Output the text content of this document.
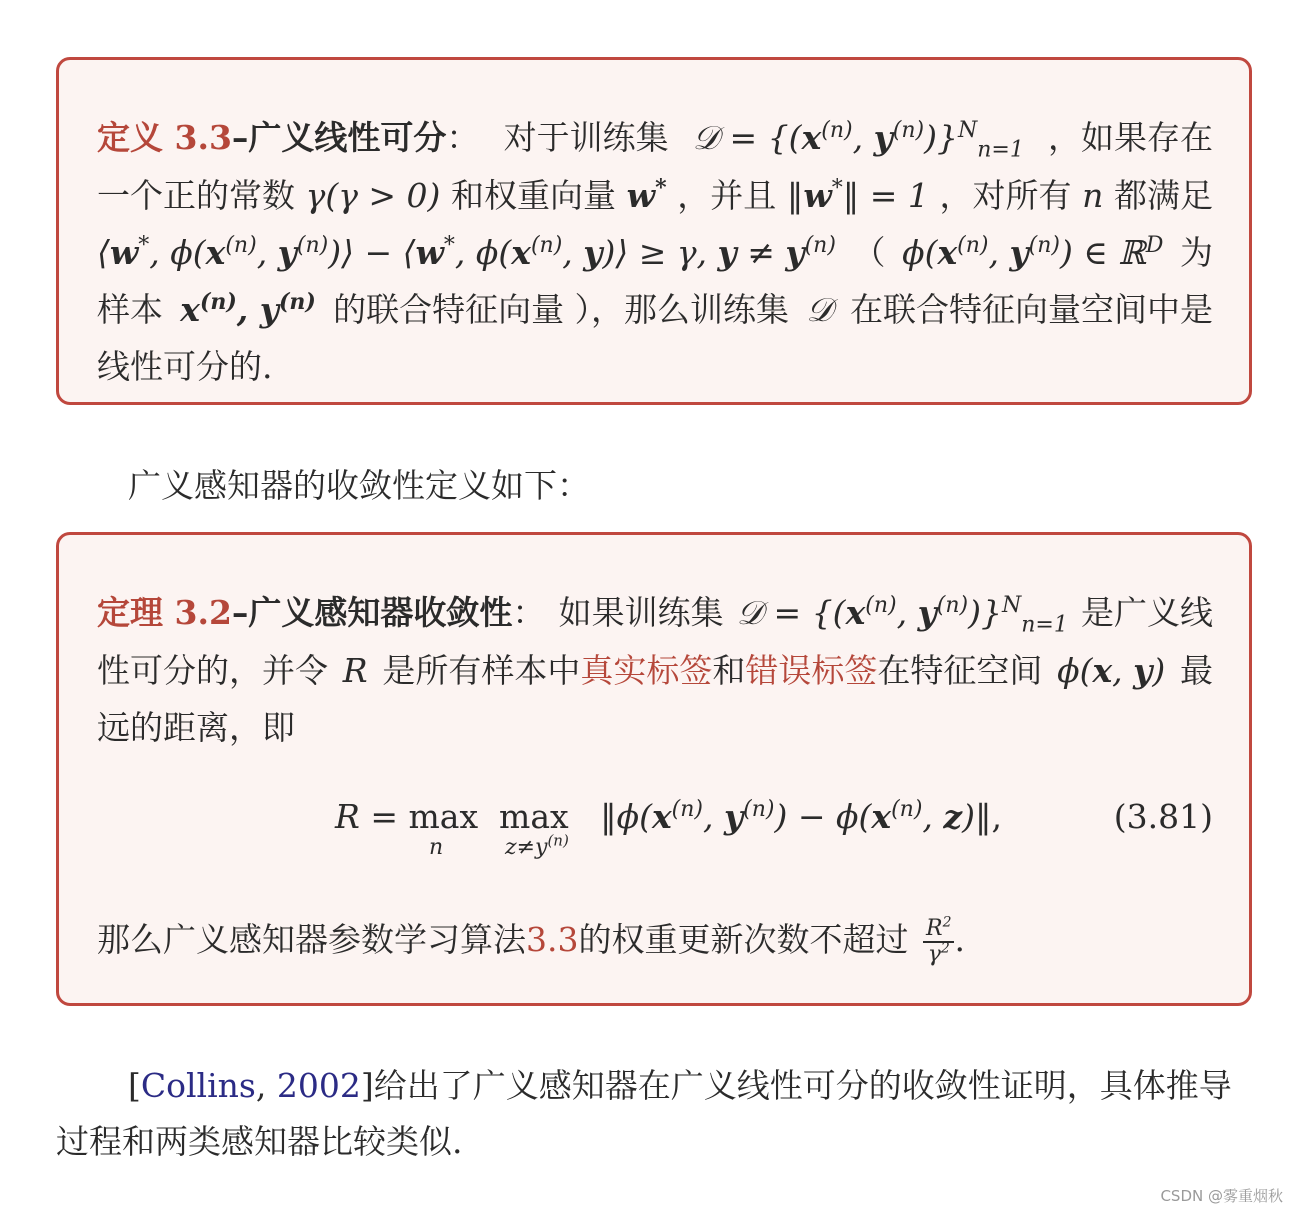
定义 3.3–广义线性可分： 对于训练集 𝒟 = {($x^{(n)}$, $y^{(n)})\}^N_{n=1}$ ，如果存在
一个正的常数 γ(γ > 0) 和权重向量 w* ，并且 ‖w*‖ = 1 ，对所有 n 都满足
⟨w*, $\phi(x^{(n)}$, $y^{(n)})⟩$ − ⟨w*, $\phi(x^{(n)}$, y)⟩ ≥ γ, $y \ne y^{(n)}$ （ $\phi(x^{(n)}$, $y^{(n)}$) ∈ ℝ$^D$ 为
样本 $x^{(n)}$, $y^{(n)}$ 的联合特征向量 ），那么训练集 𝒟 在联合特征向量空间中是
线性可分的.
广义感知器的收敛性定义如下：
定理 3.2–广义感知器收敛性： 如果训练集 𝒟 = {($x^{(n)}$, $y^{(n)})\}^N_{n=1}$ 是广义线
性可分的，并令 R 是所有样本中真实标签和错误标签在特征空间 ϕ(x, y) 最
远的距离，即
$R = \max \max ‖\phi(x^{(n)}$, $y^{(n)}) - \phi(x^{(n)}$, z)‖,
n	$z\ne y^{(n)}$
(3.81)
那么广义感知器参数学习算法3.3的权重更新次数不超过 $\frac{R^2}{\gamma^2}$ .
[Collins, 2002]给出了广义感知器在广义线性可分的收敛性证明，具体推导
过程和两类感知器比较类似.
CSDN @雾重烟秋
